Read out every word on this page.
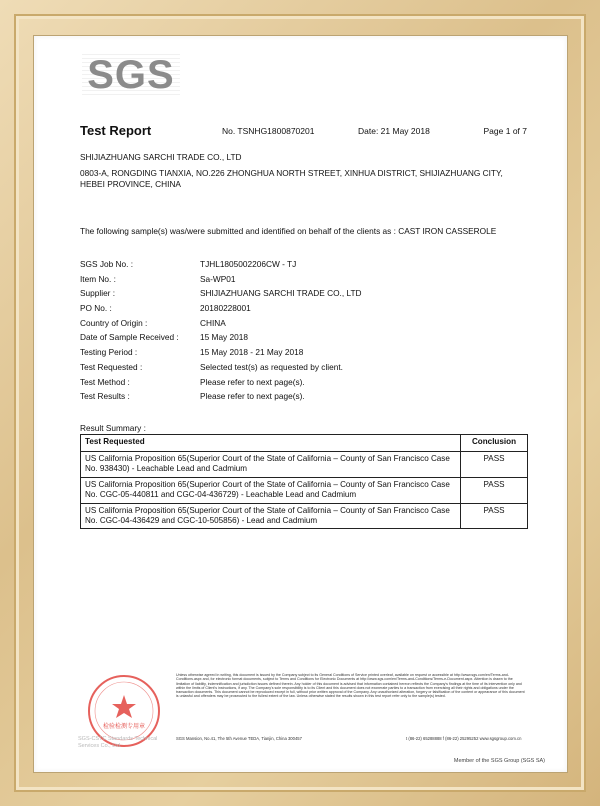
SGS
Test Report	No. TSNHG1800870201	Date: 21 May 2018	Page 1 of 7
SHIJIAZHUANG SARCHI TRADE CO., LTD
0803-A, RONGDING TIANXIA, NO.226 ZHONGHUA NORTH STREET, XINHUA DISTRICT, SHIJIAZHUANG CITY, HEBEI PROVINCE, CHINA
The following sample(s) was/were submitted and identified on behalf of the clients as : CAST IRON CASSEROLE
SGS Job No. :	TJHL1805002206CW - TJ
Item No. :	Sa-WP01
Supplier :	SHIJIAZHUANG SARCHI TRADE CO., LTD
PO No. :	20180228001
Country of Origin :	CHINA
Date of Sample Received :	15 May 2018
Testing Period :	15 May 2018 - 21 May 2018
Test Requested :	Selected test(s) as requested by client.
Test Method :	Please refer to next page(s).
Test Results :	Please refer to next page(s).
Result Summary :
Test Requested	Conclusion
US California Proposition 65(Superior Court of the State of California – County of San Francisco Case No. 938430) - Leachable Lead and Cadmium	PASS
US California Proposition 65(Superior Court of the State of California – County of San Francisco Case No. CGC-05-440811 and CGC-04-436729) - Leachable Lead and Cadmium	PASS
US California Proposition 65(Superior Court of the State of California – County of San Francisco Case No. CGC-04-436429 and CGC-10-505856) - Lead and Cadmium	PASS
检验检测专用章
SGS-CSTC Standards Technical Services Co., Ltd.
Unless otherwise agreed in writing, this document is issued by the Company subject to its General Conditions of Service printed overleaf, available on request or accessible at http://www.sgs.com/en/Terms-and-Conditions.aspx and, for electronic format documents, subject to Terms and Conditions for Electronic Documents at http://www.sgs.com/en/Terms-and-Conditions/Terms-e-Document.aspx. Attention is drawn to the limitation of liability, indemnification and jurisdiction issues defined therein. Any holder of this document is advised that information contained hereon reflects the Company's findings at the time of its intervention only and within the limits of Client's instructions, if any. The Company's sole responsibility is to its Client and this document does not exonerate parties to a transaction from exercising all their rights and obligations under the transaction documents. This document cannot be reproduced except in full, without prior written approval of the Company. Any unauthorized alteration, forgery or falsification of the content or appearance of this document is unlawful and offenders may be prosecuted to the fullest extent of the law. Unless otherwise stated the results shown in this test report refer only to the sample(s) tested.
SGS Mansion, No.41, The 5th Avenue TEDA, Tianjin, China 300457	t (86-22) 65288888 f (86-22) 25295252 www.sgsgroup.com.cn
Member of the SGS Group (SGS SA)
